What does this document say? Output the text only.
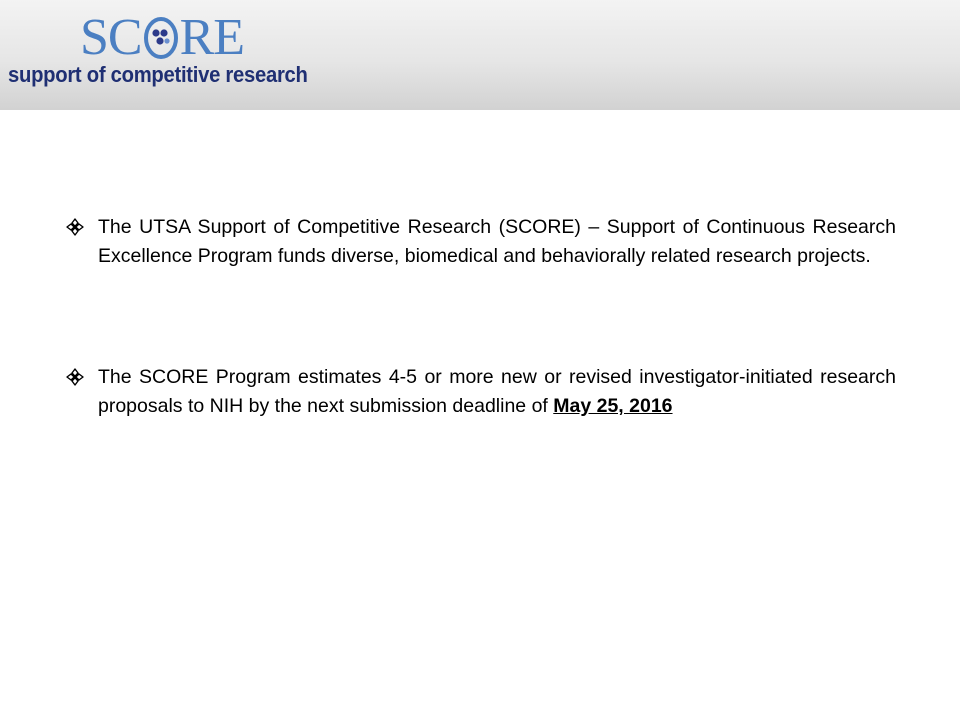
SC RE
support of competitive research
The UTSA Support of Competitive Research (SCORE) – Support of Continuous Research Excellence Program funds diverse, biomedical and behaviorally related research projects.
The SCORE Program estimates 4-5 or more new or revised investigator-initiated research proposals to NIH by the next submission deadline of May 25, 2016
